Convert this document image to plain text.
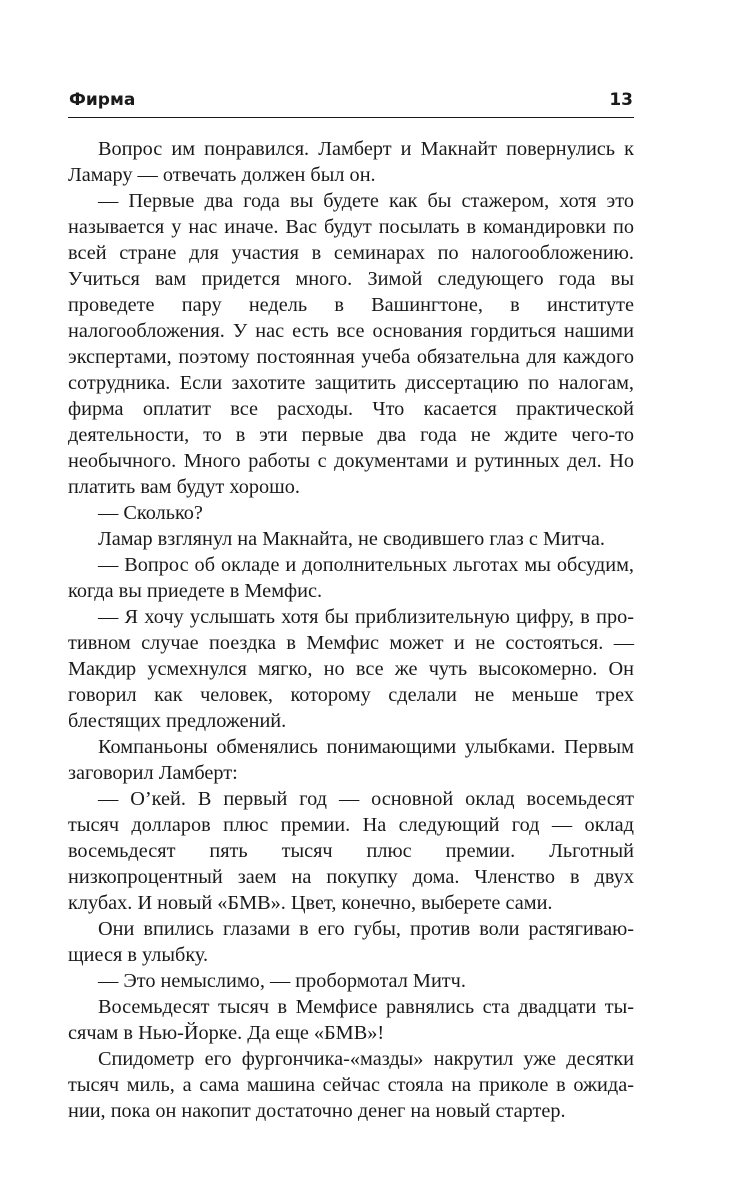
Фирма	13

Вопрос им понравился. Ламберт и Макнайт повернулись к Ламару — отвечать должен был он.

— Первые два года вы будете как бы стажером, хотя это называется у нас иначе. Вас будут посылать в командировки по всей стране для участия в семинарах по налогообложению. Учиться вам придется много. Зимой следующего года вы проведете пару недель в Вашингтоне, в институте налогообложения. У нас есть все основания гордиться нашими экспертами, поэтому постоянная учеба обязательна для каждого сотрудника. Если захотите защитить диссертацию по налогам, фирма оплатит все расходы. Что касается практической деятельности, то в эти первые два года не ждите чего-то необычного. Много работы с документами и рутинных дел. Но платить вам будут хорошо.

— Сколько?

Ламар взглянул на Макнайта, не сводившего глаз с Митча.

— Вопрос об окладе и дополнительных льготах мы обсудим, когда вы приедете в Мемфис.

— Я хочу услышать хотя бы приблизительную цифру, в противном случае поездка в Мемфис может и не состояться. — Макдир усмехнулся мягко, но все же чуть высокомерно. Он говорил как человек, которому сделали не меньше трех блестящих предложений.

Компаньоны обменялись понимающими улыбками. Первым заговорил Ламберт:

— О’кей. В первый год — основной оклад восемьдесят тысяч долларов плюс премии. На следующий год — оклад восемьдесят пять тысяч плюс премии. Льготный низкопроцентный заем на покупку дома. Членство в двух клубах. И новый «БМВ». Цвет, конечно, выберете сами.

Они впились глазами в его губы, против воли растягивающиеся в улыбку.

— Это немыслимо, — пробормотал Митч.

Восемьдесят тысяч в Мемфисе равнялись ста двадцати тысячам в Нью-Йорке. Да еще «БМВ»!

Спидометр его фургончика-«мазды» накрутил уже десятки тысяч миль, а сама машина сейчас стояла на приколе в ожидании, пока он накопит достаточно денег на новый стартер.
